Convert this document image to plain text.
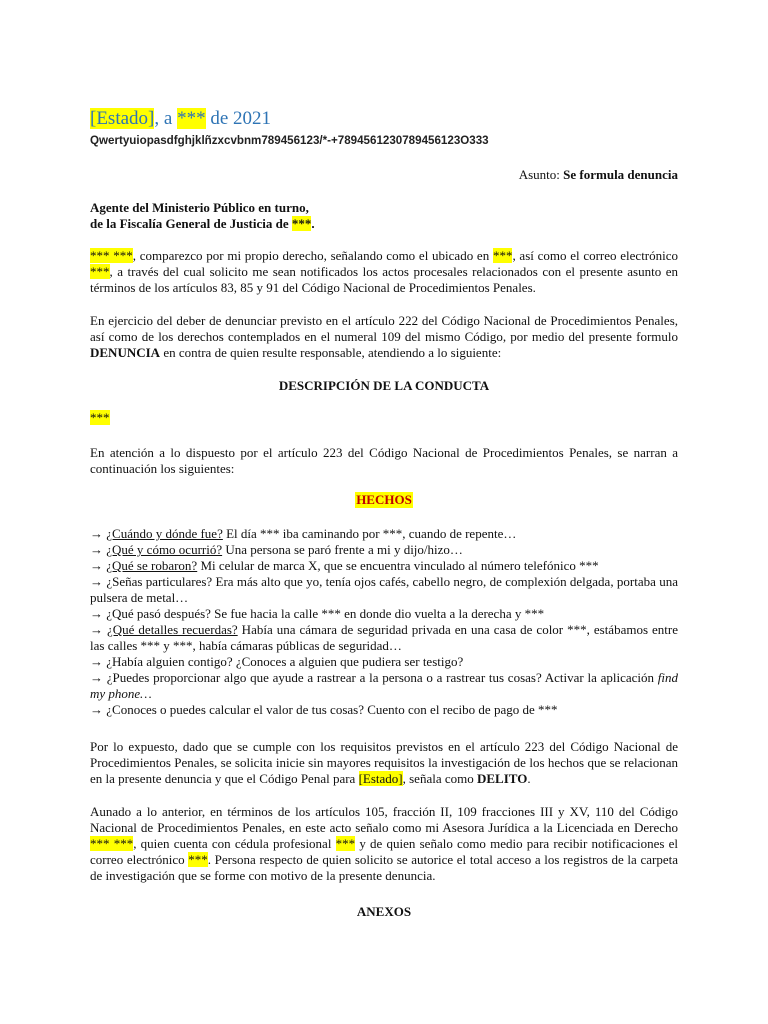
[Estado], a *** de 2021
Qwertyuiopasdfghjklñzxcvbnm789456123/*-+7894561230789456123O333
Asunto: Se formula denuncia
Agente del Ministerio Público en turno,
de la Fiscalía General de Justicia de ***.
*** ***, comparezco por mi propio derecho, señalando como el ubicado en ***, así como el correo electrónico ***, a través del cual solicito me sean notificados los actos procesales relacionados con el presente asunto en términos de los artículos 83, 85 y 91 del Código Nacional de Procedimientos Penales.
En ejercicio del deber de denunciar previsto en el artículo 222 del Código Nacional de Procedimientos Penales, así como de los derechos contemplados en el numeral 109 del mismo Código, por medio del presente formulo DENUNCIA en contra de quien resulte responsable, atendiendo a lo siguiente:
DESCRIPCIÓN DE LA CONDUCTA
***
En atención a lo dispuesto por el artículo 223 del Código Nacional de Procedimientos Penales, se narran a continuación los siguientes:
HECHOS
→ ¿Cuándo y dónde fue? El día *** iba caminando por ***, cuando de repente…
→ ¿Qué y cómo ocurrió? Una persona se paró frente a mi y dijo/hizo…
→ ¿Qué se robaron? Mi celular de marca X, que se encuentra vinculado al número telefónico ***
→ ¿Señas particulares? Era más alto que yo, tenía ojos cafés, cabello negro, de complexión delgada, portaba una pulsera de metal…
→ ¿Qué pasó después? Se fue hacia la calle *** en donde dio vuelta a la derecha y ***
→ ¿Qué detalles recuerdas? Había una cámara de seguridad privada en una casa de color ***, estábamos entre las calles *** y ***, había cámaras públicas de seguridad…
→ ¿Había alguien contigo? ¿Conoces a alguien que pudiera ser testigo?
→ ¿Puedes proporcionar algo que ayude a rastrear a la persona o a rastrear tus cosas? Activar la aplicación find my phone…
→ ¿Conoces o puedes calcular el valor de tus cosas? Cuento con el recibo de pago de ***
Por lo expuesto, dado que se cumple con los requisitos previstos en el artículo 223 del Código Nacional de Procedimientos Penales, se solicita inicie sin mayores requisitos la investigación de los hechos que se relacionan en la presente denuncia y que el Código Penal para [Estado], señala como DELITO.
Aunado a lo anterior, en términos de los artículos 105, fracción II, 109 fracciones III y XV, 110 del Código Nacional de Procedimientos Penales, en este acto señalo como mi Asesora Jurídica a la Licenciada en Derecho *** ***, quien cuenta con cédula profesional *** y de quien señalo como medio para recibir notificaciones el correo electrónico ***. Persona respecto de quien solicito se autorice el total acceso a los registros de la carpeta de investigación que se forme con motivo de la presente denuncia.
ANEXOS
